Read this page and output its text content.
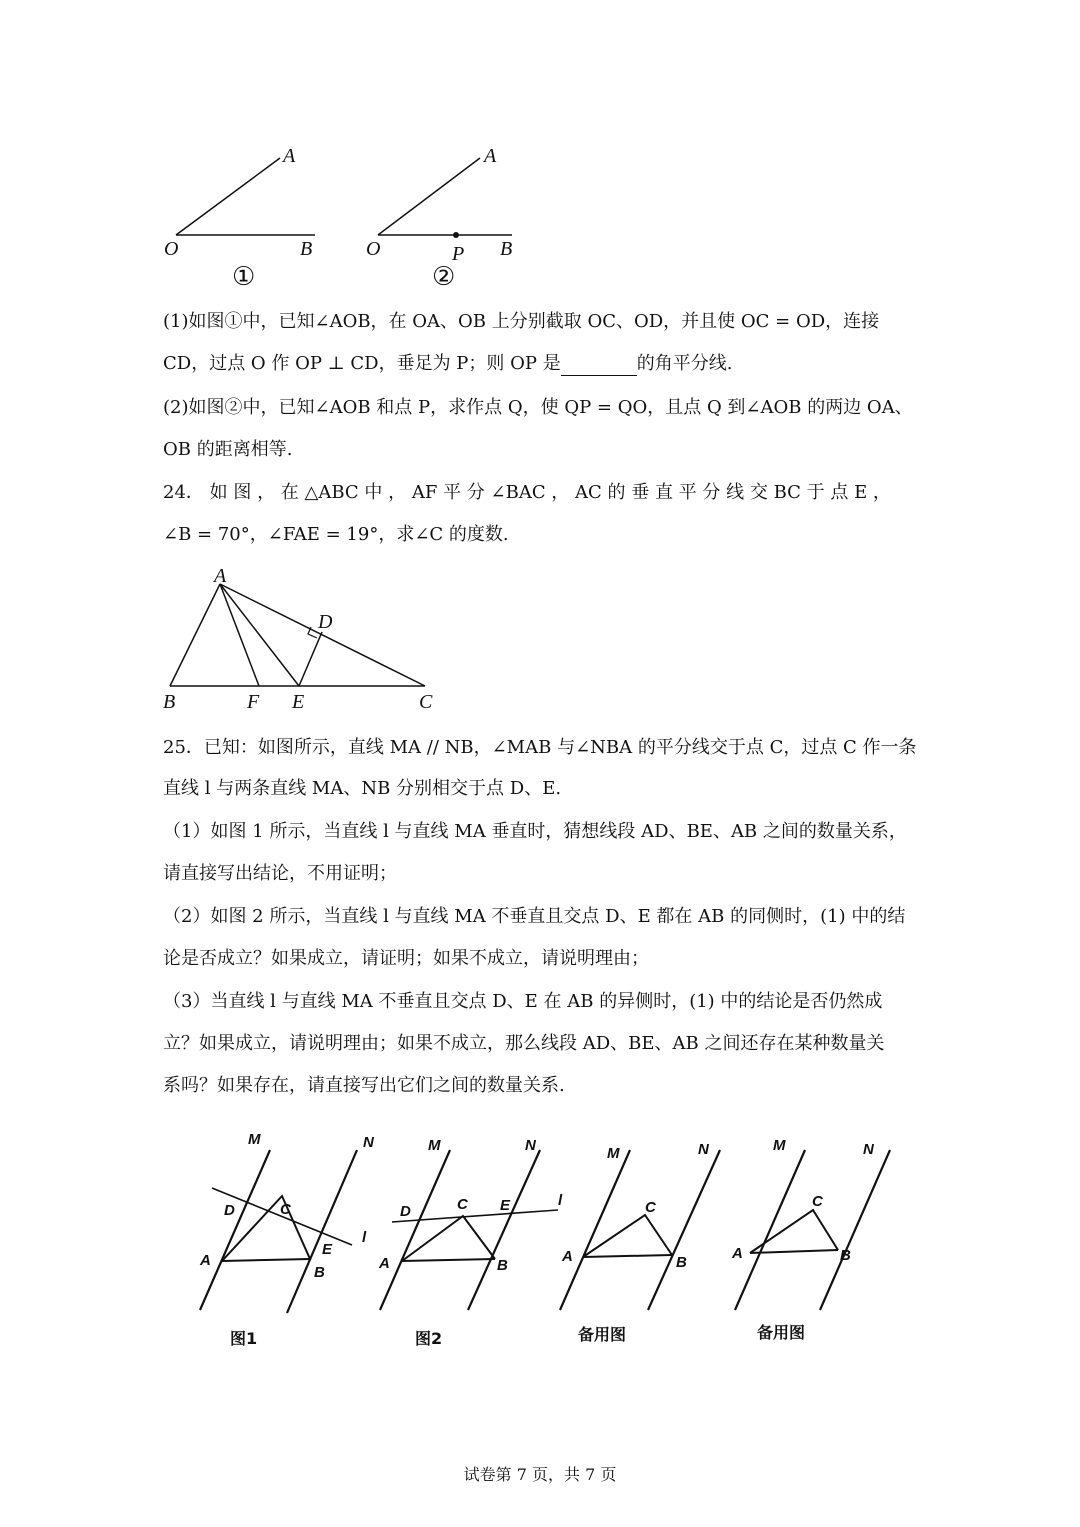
A
O	B
①
A
O	P B
②
(1)如图①中，已知∠AOB，在 OA、OB 上分别截取 OC、OD，并且使 OC = OD，连接
CD，过点 O 作 OP ⊥ CD，垂足为 P；则 OP 是	的角平分线.
(2)如图②中，已知∠AOB 和点 P，求作点 Q，使 QP = QO，且点 Q 到∠AOB 的两边 OA、
OB 的距离相等.
24． 如 图 ， 在 △ABC 中 ， AF 平 分 ∠BAC ， AC 的 垂 直 平 分 线 交 BC 于 点 E ，
∠B = 70°，∠FAE = 19°，求∠C 的度数.
A
D
B	F E	C
25．已知：如图所示，直线 MA // NB，∠MAB 与∠NBA 的平分线交于点 C，过点 C 作一条
直线 l 与两条直线 MA、NB 分别相交于点 D、E.
（1）如图 1 所示，当直线 l 与直线 MA 垂直时，猜想线段 AD、BE、AB 之间的数量关系，
请直接写出结论，不用证明；
（2）如图 2 所示，当直线 l 与直线 MA 不垂直且交点 D、E 都在 AB 的同侧时，(1) 中的结
论是否成立？如果成立，请证明；如果不成立，请说明理由；
（3）当直线 l 与直线 MA 不垂直且交点 D、E 在 AB 的异侧时，(1) 中的结论是否仍然成
立？如果成立，请说明理由；如果不成立，那么线段 AD、BE、AB 之间还存在某种数量关
系吗？如果存在，请直接写出它们之间的数量关系.
M	N
D	C
A
E
B
l
图1
M	N
D	C E	l
A	B
图2
M	N
C
A	B
备用图
M	N
C
A	B
备用图
试卷第 7 页，共 7 页
